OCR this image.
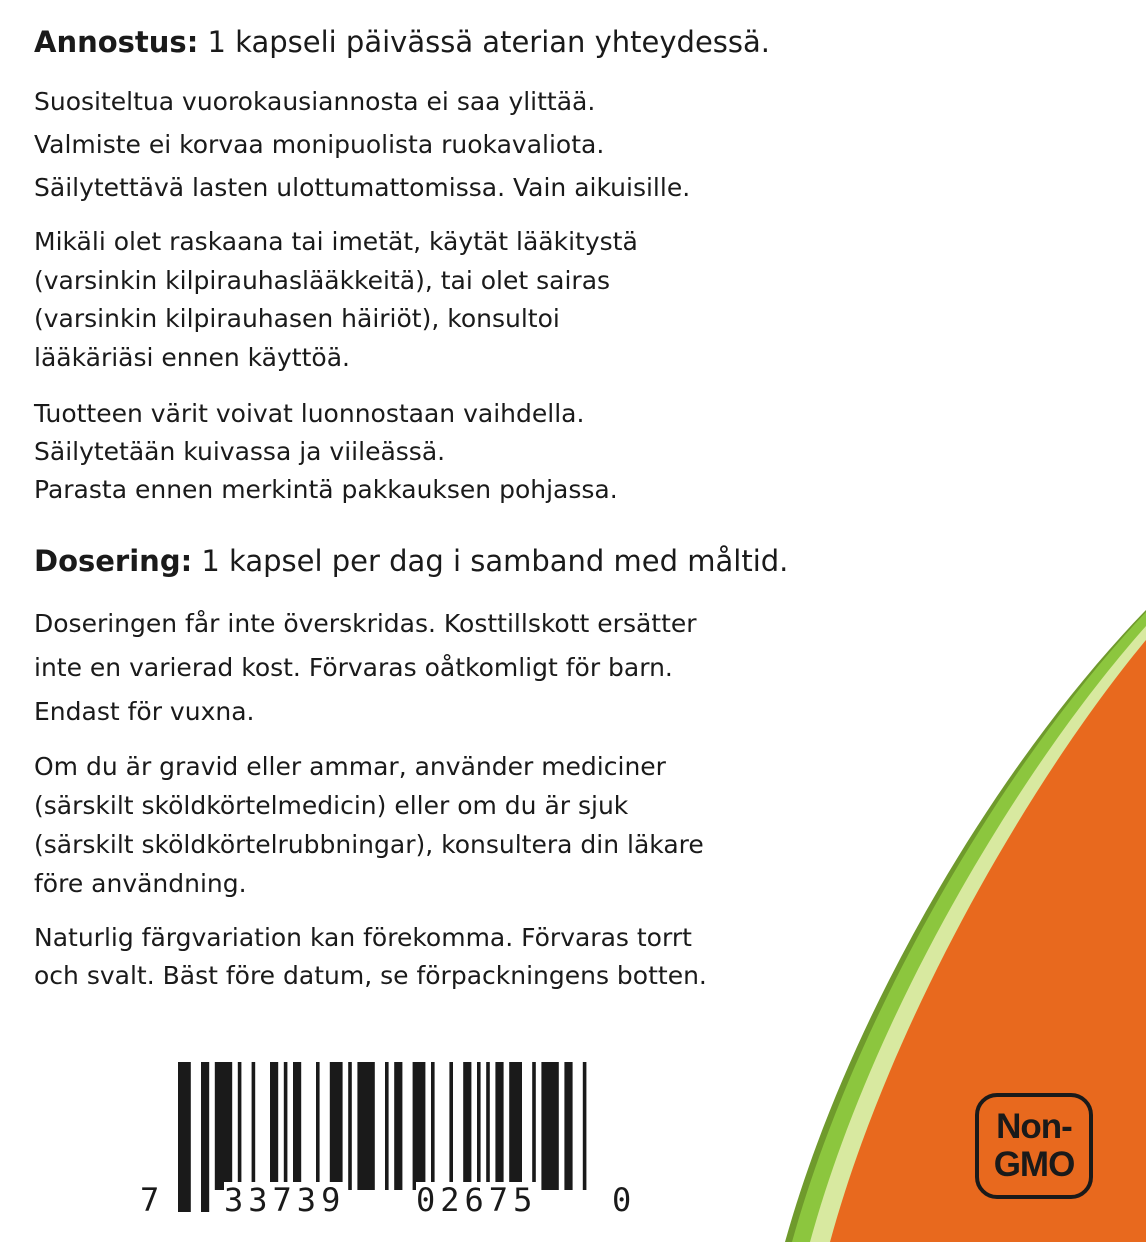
Annostus: 1 kapseli päivässä aterian yhteydessä.
Suositeltua vuorokausiannosta ei saa ylittää.
Valmiste ei korvaa monipuolista ruokavaliota.
Säilytettävä lasten ulottumattomissa. Vain aikuisille.
Mikäli olet raskaana tai imetät, käytät lääkitystä
(varsinkin kilpirauhaslääkkeitä), tai olet sairas
(varsinkin kilpirauhasen häiriöt), konsultoi
lääkäriäsi ennen käyttöä.
Tuotteen värit voivat luonnostaan vaihdella.
Säilytetään kuivassa ja viileässä.
Parasta ennen merkintä pakkauksen pohjassa.
Dosering: 1 kapsel per dag i samband med måltid.
Doseringen får inte överskridas. Kosttillskott ersätter
inte en varierad kost. Förvaras oåtkomligt för barn.
Endast för vuxna.
Om du är gravid eller ammar, använder mediciner
(särskilt sköldkörtelmedicin) eller om du är sjuk
(särskilt sköldkörtelrubbningar), konsultera din läkare
före användning.
Naturlig färgvariation kan förekomma. Förvaras torrt
och svalt. Bäst före datum, se förpackningens botten.
7 33739 02675 0
Non-
GMO
